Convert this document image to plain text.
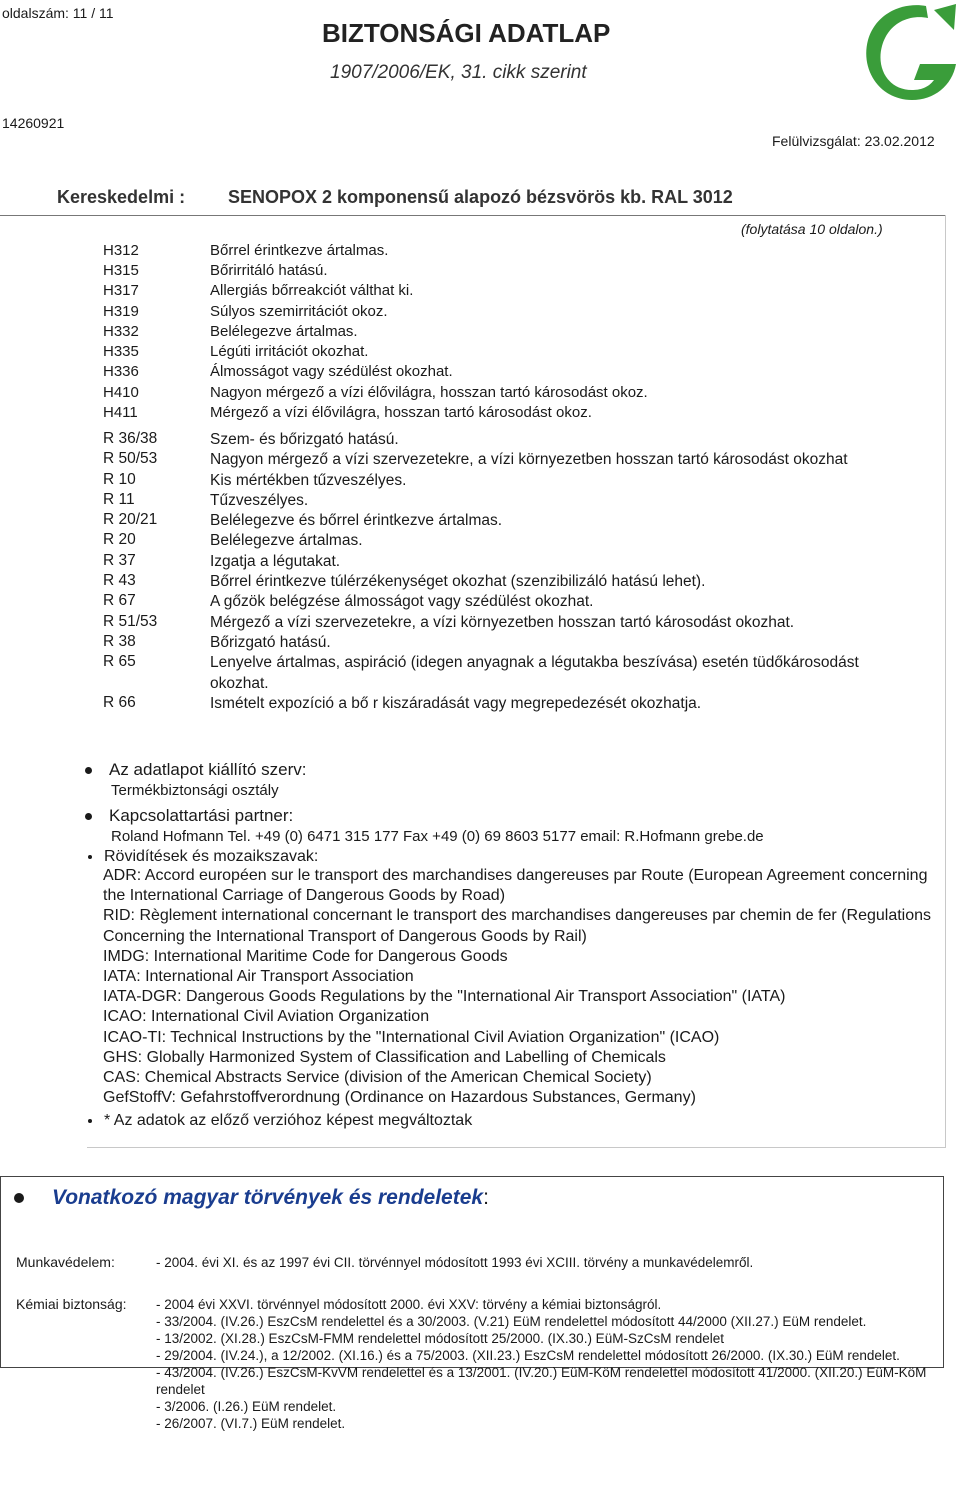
oldalszám: 11 / 11
BIZTONSÁGI ADATLAP
1907/2006/EK, 31. cikk szerint
14260921
Felülvizsgálat: 23.02.2012
Kereskedelmi : SENOPOX 2 komponensű alapozó bézsvörös kb. RAL 3012
(folytatása 10 oldalon.)
H312	Bőrrel érintkezve ártalmas.
H315	Bőrirritáló hatású.
H317	Allergiás bőrreakciót válthat ki.
H319	Súlyos szemirritációt okoz.
H332	Belélegezve ártalmas.
H335	Légúti irritációt okozhat.
H336	Álmosságot vagy szédülést okozhat.
H410	Nagyon mérgező a vízi élővilágra, hosszan tartó károsodást okoz.
H411	Mérgező a vízi élővilágra, hosszan tartó károsodást okoz.
R 36/38	Szem- és bőrizgató hatású.
R 50/53	Nagyon mérgező a vízi szervezetekre, a vízi környezetben hosszan tartó károsodást okozhat
R 10	Kis mértékben tűzveszélyes.
R 11	Tűzveszélyes.
R 20/21	Belélegezve és bőrrel érintkezve ártalmas.
R 20	Belélegezve ártalmas.
R 37	Izgatja a légutakat.
R 43	Bőrrel érintkezve túlérzékenységet okozhat (szenzibilizáló hatású lehet).
R 67	A gőzök belégzése álmosságot vagy szédülést okozhat.
R 51/53	Mérgező a vízi szervezetekre, a vízi környezetben hosszan tartó károsodást okozhat.
R 38	Bőrizgató hatású.
R 65	Lenyelve ártalmas, aspiráció (idegen anyagnak a légutakba beszívása) esetén tüdőkárosodást okozhat.
R 66	Ismételt expozíció a bő r kiszáradását vagy megrepedezését okozhatja.
Az adatlapot kiállító szerv:
Termékbiztonsági osztály
Kapcsolattartási partner:
Roland Hofmann Tel. +49 (0) 6471 315 177 Fax +49 (0) 69 8603 5177 email: R.Hofmann grebe.de
Rövidítések és mozaikszavak:
ADR: Accord européen sur le transport des marchandises dangereuses par Route (European Agreement concerning the International Carriage of Dangerous Goods by Road)
RID: Règlement international concernant le transport des marchandises dangereuses par chemin de fer (Regulations Concerning the International Transport of Dangerous Goods by Rail)
IMDG: International Maritime Code for Dangerous Goods
IATA: International Air Transport Association
IATA-DGR: Dangerous Goods Regulations by the "International Air Transport Association" (IATA)
ICAO: International Civil Aviation Organization
ICAO-TI: Technical Instructions by the "International Civil Aviation Organization" (ICAO)
GHS: Globally Harmonized System of Classification and Labelling of Chemicals
CAS: Chemical Abstracts Service (division of the American Chemical Society)
GefStoffV: Gefahrstoffverordnung (Ordinance on Hazardous Substances, Germany)
* Az adatok az előző verzióhoz képest megváltoztak
Vonatkozó magyar törvények és rendeletek:
Munkavédelem:	- 2004. évi XI. és az 1997 évi CII. törvénnyel módosított 1993 évi XCIII. törvény a munkavédelemről.
Kémiai biztonság: - 2004 évi XXVI. törvénnyel módosított 2000. évi XXV: törvény a kémiai biztonságról.
- 33/2004. (IV.26.) EszCsM rendelettel és a 30/2003. (V.21) EüM rendelettel módosított 44/2000 (XII.27.) EüM rendelet.
- 13/2002. (XI.28.) EszCsM-FMM rendelettel módosított 25/2000. (IX.30.) EüM-SzCsM rendelet
- 29/2004. (IV.24.), a 12/2002. (XI.16.) és a 75/2003. (XII.23.) EszCsM rendelettel módosított 26/2000. (IX.30.) EüM rendelet.
- 43/2004. (IV.26.) EszCsM-KvVM rendelettel és a 13/2001. (IV.20.) EüM-KöM rendelettel módosított 41/2000. (XII.20.) EüM-KöM rendelet
- 3/2006. (I.26.) EüM rendelet.
- 26/2007. (VI.7.) EüM rendelet.
